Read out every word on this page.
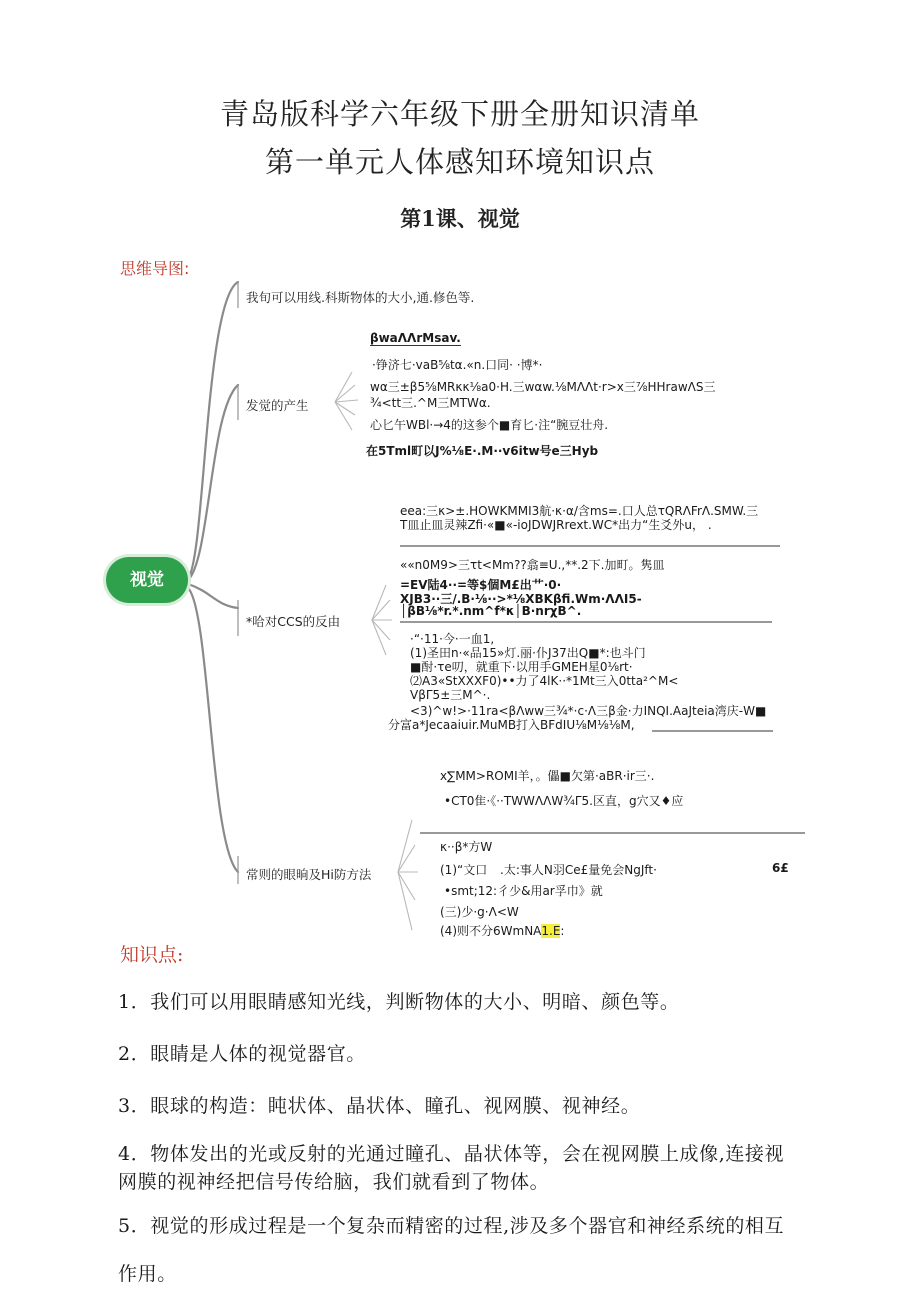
青岛版科学六年级下册全册知识清单
第一单元人体感知环境知识点
第1课、视觉
思维导图:
视觉
我旬可以用线.科斯物体的大小,通.修色等.
发觉的产生
*哈对CCS的反由
常则的眼晌及Hi防方法
βwaΛΛrMsav.
·铮济七·vaB⅝tα.«n.口同· ·博*·
wα三±β5⅝MRκκ⅛a0·H.三wαw.⅛MΛΛt·r>x三⅞HHrawΛS三
¾<tt三.^M三MTWα.
心匕午WBl·→4的这参个■育匕·注“腕豆壮舟.
在5Tml町以J%⅛E·.M··v6itw号e三Hyb
eea:三κ>±.HOWKMMI3航·κ·α/含ms=.口人总τQRΛFrΛ.SMW.三
T皿止皿灵辣Zfi·«■«-ioJDWJRrext.WC*出力“生爻外u， .
««n0M9>三τt<Mm??翕≡U.,**.2下.加町。隽皿
=EV陆4··=等$個M£出艹·0·
XJB3··三/.B·⅛··>*⅛XBKβfi.Wm·ΛΛI5-
│βB⅛*r.*.nm^f*κ│B·nrχB^.
·“·11·今·一血1,
(1)圣田n·«品15»灯.丽·仆J37出Q■*:也斗门
■酎·τe叨，就重下·以用手GMEH星0⅛rt·
⑵A3«StXXXF0)••力了4lK··*1Mt三入0tta²^M<
VβΓ5±三M^·.
<3)^w!>·11ra<βΛww三¾*·c·Λ三β金·力INQI.AaJteia湾庆-W■
分富a*Jecaaiuir.MuMB打入BFdIU⅛M⅛⅛M,
x∑MM>ROMI羊，。儡■欠第·aBR·ir三·.
•CT0隹·《··TWWΛΛW¾Γ5.区直，g穴又♦应
κ··β*方W
(1)“文口 .太:事人N羽Ce£量免会NgJft·	6£
•smt;12:彳少&用ar孚巾》就
(三)少·g·Λ<W
(4)则不分6WmNA1.E:
知识点:
1．我们可以用眼睛感知光线，判断物体的大小、明暗、颜色等。
2．眼睛是人体的视觉器官。
3．眼球的构造：盹状体、晶状体、瞳孔、视网膜、视神经。
4．物体发出的光或反射的光通过瞳孔、晶状体等，会在视网膜上成像,连接视
网膜的视神经把信号传给脑，我们就看到了物体。
5．视觉的形成过程是一个复杂而精密的过程,涉及多个器官和神经系统的相互
作用。
